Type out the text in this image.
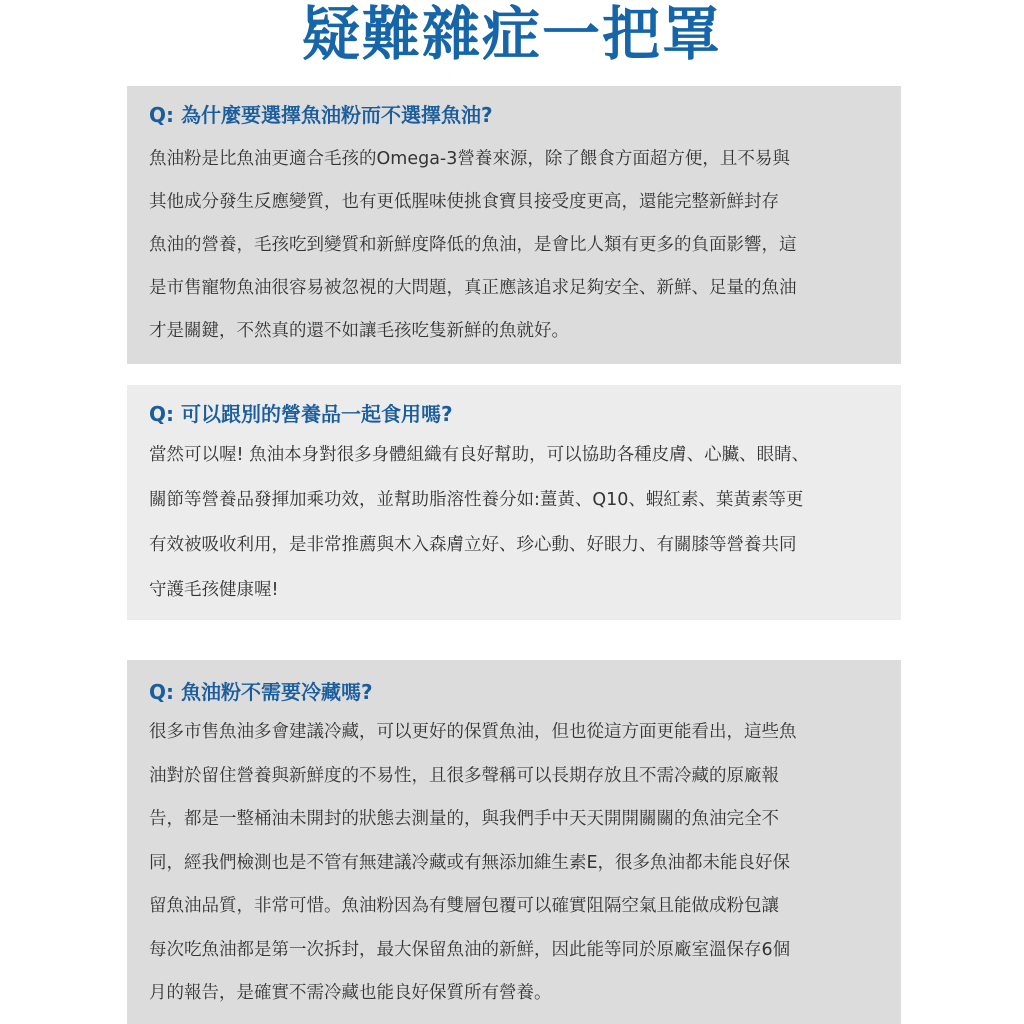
疑難雜症一把罩
Q: 為什麼要選擇魚油粉而不選擇魚油?
魚油粉是比魚油更適合毛孩的Omega-3營養來源，除了餵食方面超方便，且不易與
其他成分發生反應變質，也有更低腥味使挑食寶貝接受度更高，還能完整新鮮封存
魚油的營養，毛孩吃到變質和新鮮度降低的魚油，是會比人類有更多的負面影響，這
是市售寵物魚油很容易被忽視的大問題，真正應該追求足夠安全、新鮮、足量的魚油
才是關鍵，不然真的還不如讓毛孩吃隻新鮮的魚就好。
Q: 可以跟別的營養品一起食用嗎?
當然可以喔! 魚油本身對很多身體組織有良好幫助，可以協助各種皮膚、心臟、眼睛、
關節等營養品發揮加乘功效，並幫助脂溶性養分如:薑黃、Q10、蝦紅素、葉黃素等更
有效被吸收利用，是非常推薦與木入森膚立好、珍心動、好眼力、有關膝等營養共同
守護毛孩健康喔!
Q: 魚油粉不需要冷藏嗎?
很多市售魚油多會建議冷藏，可以更好的保質魚油，但也從這方面更能看出，這些魚
油對於留住營養與新鮮度的不易性，且很多聲稱可以長期存放且不需冷藏的原廠報
告，都是一整桶油未開封的狀態去測量的，與我們手中天天開開關關的魚油完全不
同，經我們檢測也是不管有無建議冷藏或有無添加維生素E，很多魚油都未能良好保
留魚油品質，非常可惜。魚油粉因為有雙層包覆可以確實阻隔空氣且能做成粉包讓
每次吃魚油都是第一次拆封，最大保留魚油的新鮮，因此能等同於原廠室溫保存6個
月的報告，是確實不需冷藏也能良好保質所有營養。
